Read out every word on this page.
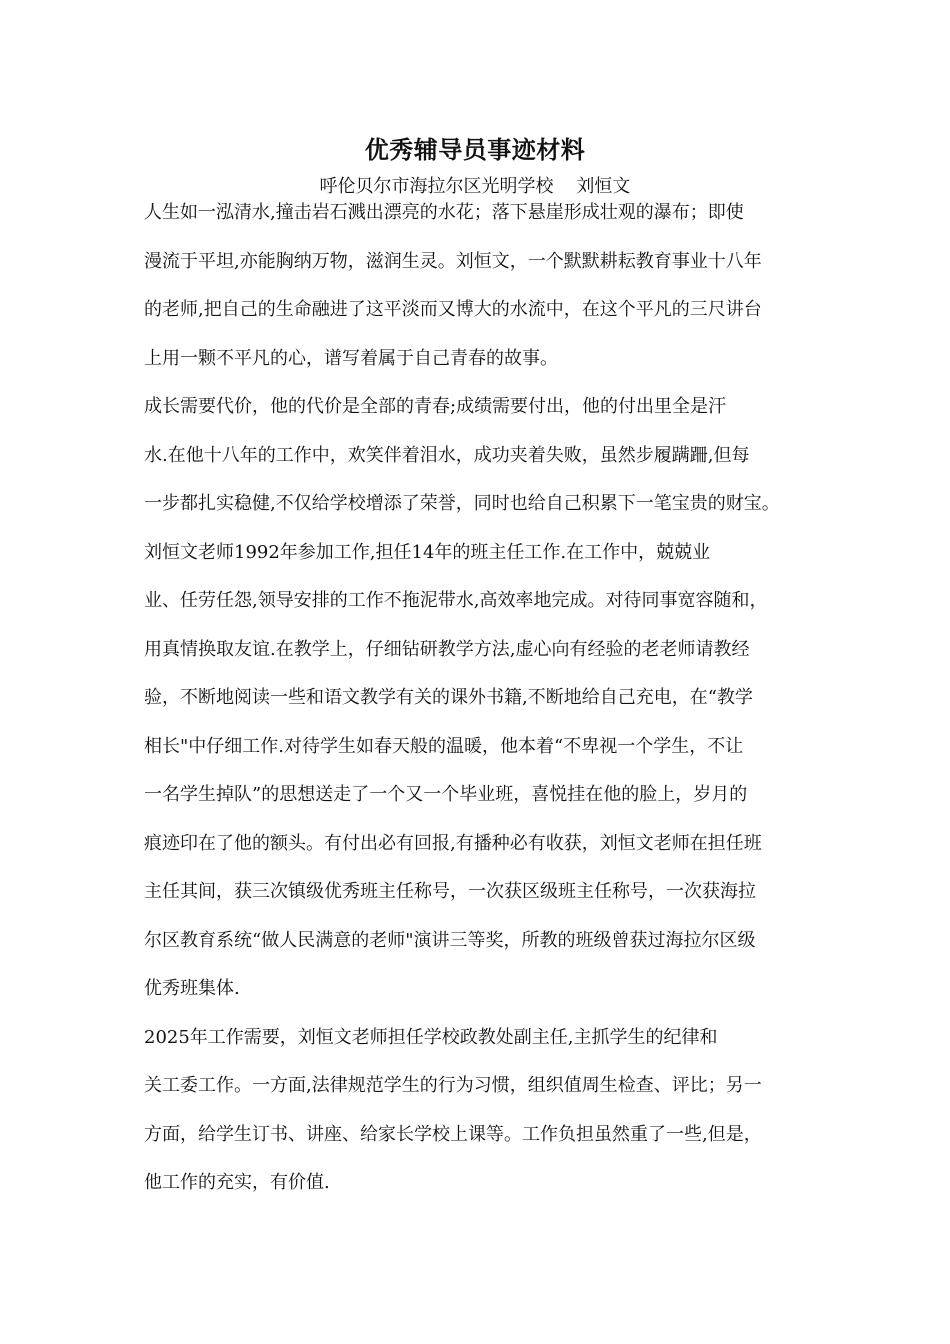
优秀辅导员事迹材料
呼伦贝尔市海拉尔区光明学校    刘恒文
人生如一泓清水,撞击岩石溅出漂亮的水花；落下悬崖形成壮观的瀑布；即使
漫流于平坦,亦能胸纳万物，滋润生灵。刘恒文，一个默默耕耘教育事业十八年
的老师,把自己的生命融进了这平淡而又博大的水流中，在这个平凡的三尺讲台
上用一颗不平凡的心，谱写着属于自己青春的故事。
成长需要代价，他的代价是全部的青春;成绩需要付出，他的付出里全是汗
水.在他十八年的工作中，欢笑伴着泪水，成功夹着失败，虽然步履蹒跚,但每
一步都扎实稳健,不仅给学校增添了荣誉，同时也给自己积累下一笔宝贵的财宝。
刘恒文老师1992年参加工作,担任14年的班主任工作.在工作中，兢兢业
业、任劳任怨,领导安排的工作不拖泥带水,高效率地完成。对待同事宽容随和，
用真情换取友谊.在教学上，仔细钻研教学方法,虚心向有经验的老老师请教经
验，不断地阅读一些和语文教学有关的课外书籍,不断地给自己充电，在“教学
相长"中仔细工作.对待学生如春天般的温暖，他本着“不卑视一个学生，不让
一名学生掉队”的思想送走了一个又一个毕业班，喜悦挂在他的脸上，岁月的
痕迹印在了他的额头。有付出必有回报,有播种必有收获，刘恒文老师在担任班
主任其间，获三次镇级优秀班主任称号，一次获区级班主任称号，一次获海拉
尔区教育系统“做人民满意的老师"演讲三等奖，所教的班级曾获过海拉尔区级
优秀班集体.
2025年工作需要，刘恒文老师担任学校政教处副主任,主抓学生的纪律和
关工委工作。一方面,法律规范学生的行为习惯，组织值周生检查、评比；另一
方面，给学生订书、讲座、给家长学校上课等。工作负担虽然重了一些,但是，
他工作的充实，有价值.
